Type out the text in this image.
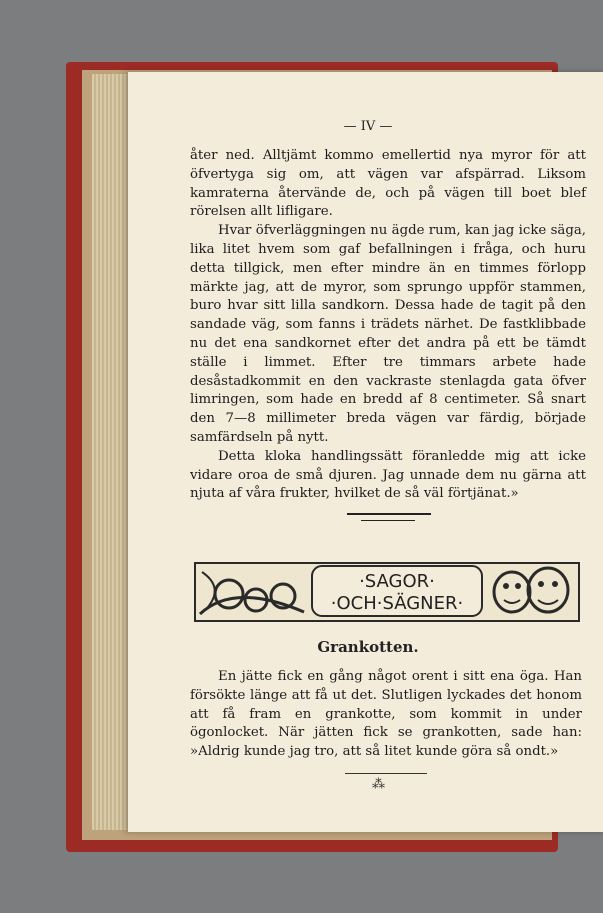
— IV —

åter ned. Alltjämt kommo emellertid nya myror för att öfvertyga sig om, att vägen var afspärrad. Liksom kamraterna återvände de, och på vägen till boet blef rörelsen allt lifligare.

Hvar öfverläggningen nu ägde rum, kan jag icke säga, lika litet hvem som gaf befallningen i fråga, och huru detta tillgick, men efter mindre än en timmes förlopp märkte jag, att de myror, som sprungo uppför stammen, buro hvar sitt lilla sandkorn. Dessa hade de tagit på den sandade väg, som fanns i trädets närhet. De fastklibbade nu det ena sandkornet efter det andra på ett be tämdt ställe i limmet. Efter tre timmars arbete hade desåstadkommit en den vackraste stenlagda gata öfver limringen, som hade en bredd af 8 centimeter. Så snart den 7—8 millimeter breda vägen var färdig, började samfärdseln på nytt.

Detta kloka handlingssätt föranledde mig att icke vidare oroa de små djuren. Jag unnade dem nu gärna att njuta af våra frukter, hvilket de så väl förtjänat.»

·SAGOR·
·OCH·SÄGNER·
Grankotten.

En jätte fick en gång något orent i sitt ena öga. Han försökte länge att få ut det. Slutligen lyckades det honom att få fram en grankotte, som kommit in under ögonlocket. När jätten fick se grankotten, sade han: »Aldrig kunde jag tro, att så litet kunde göra så ondt.»

⁂
